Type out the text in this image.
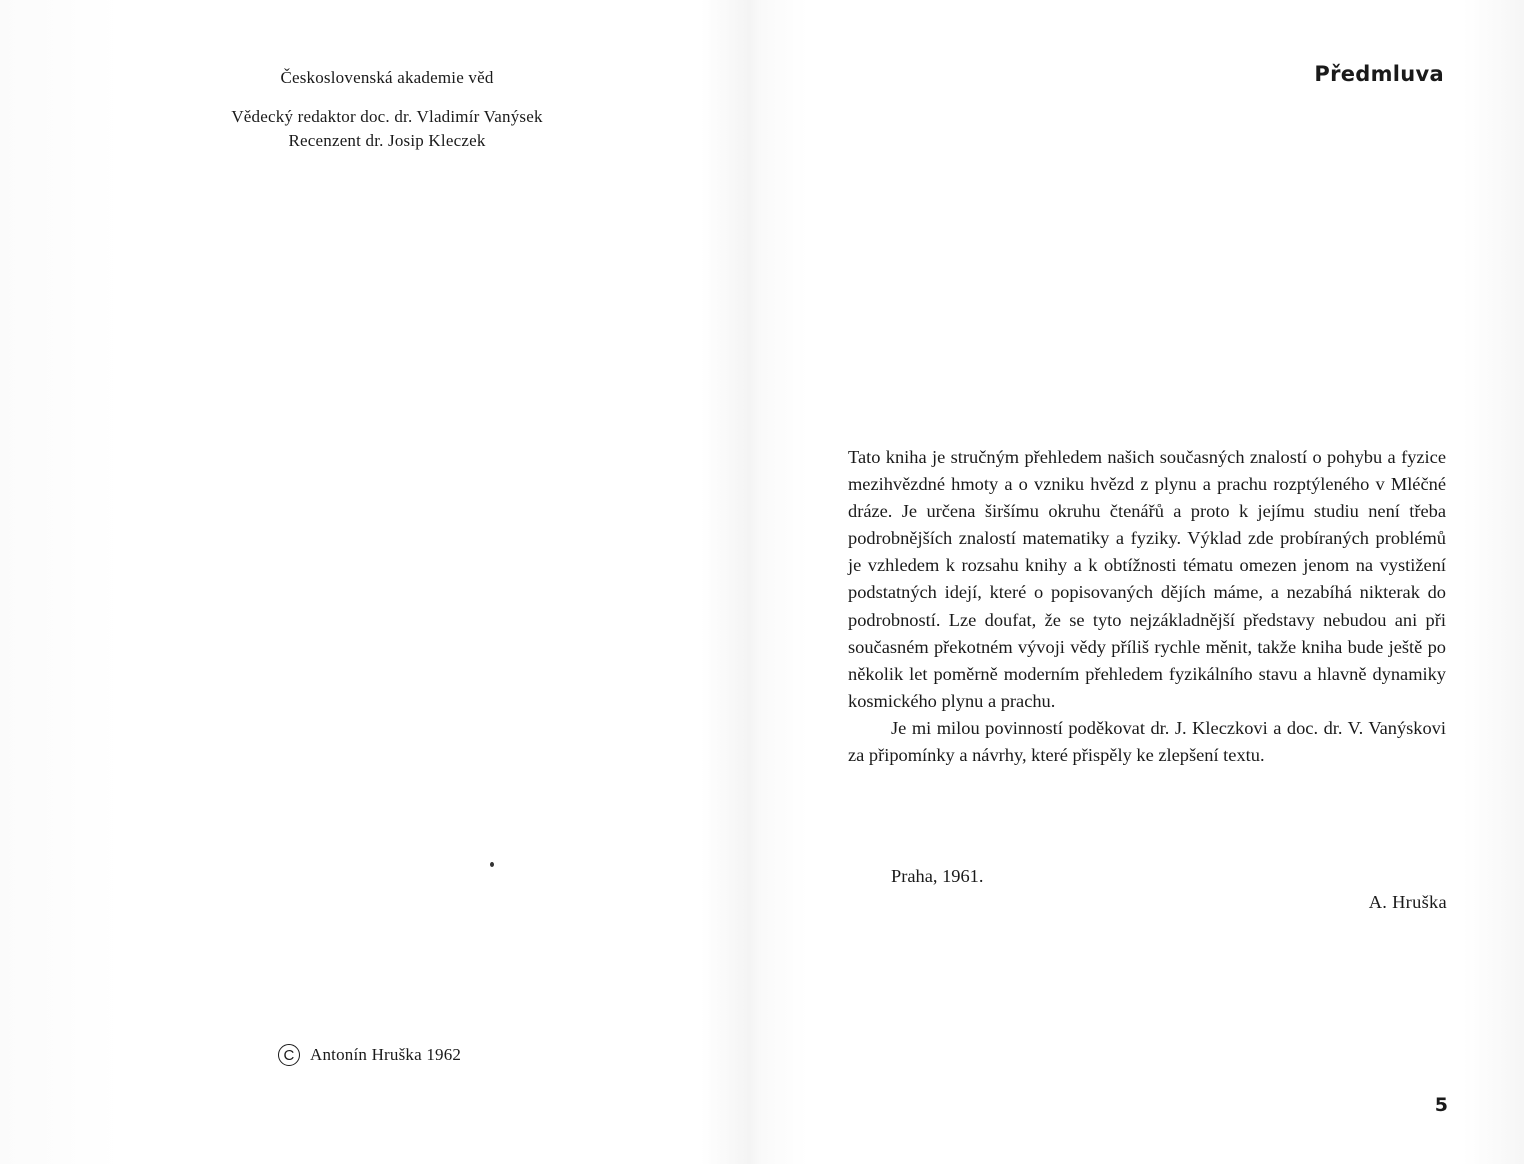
Československá akademie věd
Vědecký redaktor doc. dr. Vladimír Vanýsek
Recenzent dr. Josip Kleczek
C Antonín Hruška 1962
Předmluva

Tato kniha je stručným přehledem našich současných znalostí o pohybu a fyzice mezihvězdné hmoty a o vzniku hvězd z plynu a prachu rozptýleného v Mléčné dráze. Je určena širšímu okruhu čtenářů a proto k jejímu studiu není třeba podrobnějších znalostí matematiky a fyziky. Výklad zde probíraných problémů je vzhledem k rozsahu knihy a k obtížnosti tématu omezen jenom na vystižení podstatných idejí, které o popisovaných dějích máme, a nezabíhá nikterak do podrobností. Lze doufat, že se tyto nejzákladnější představy nebudou ani při současném překotném vývoji vědy příliš rychle měnit, takže kniha bude ještě po několik let poměrně moderním přehledem fyzikálního stavu a hlavně dynamiky kosmického plynu a prachu.

Je mi milou povinností poděkovat dr. J. Kleczkovi a doc. dr. V. Vanýskovi za připomínky a návrhy, které přispěly ke zlepšení textu.

Praha, 1961.
A. Hruška
5
